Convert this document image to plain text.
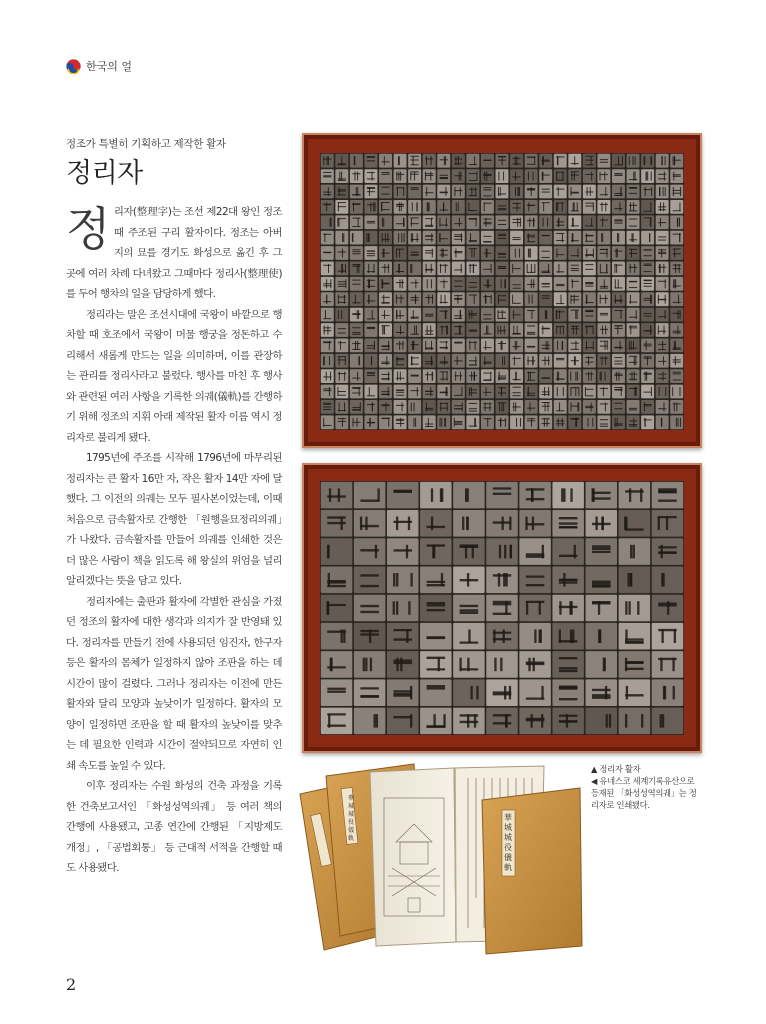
한국의 얼
정조가 특별히 기획하고 제작한 활자
정리자

정리자(整理字)는 조선 제22대 왕인 정조 때 주조된 구리 활자이다. 정조는 아버지의 묘를 경기도 화성으로 옮긴 후 그곳에 여러 차례 다녀왔고 그때마다 정리사(整理使)를 두어 행차의 일을 담당하게 했다.

정리라는 말은 조선시대에 국왕이 바깥으로 행차할 때 호조에서 국왕이 머물 행궁을 정돈하고 수리해서 새롭게 만드는 일을 의미하며, 이를 관장하는 관리를 정리사라고 불렀다. 행사를 마친 후 행사와 관련된 여러 사항을 기록한 의궤(儀軌)를 간행하기 위해 정조의 지휘 아래 제작된 활자 이름 역시 정리자로 불리게 됐다.

1795년에 주조를 시작해 1796년에 마무리된 정리자는 큰 활자 16만 자, 작은 활자 14만 자에 달했다. 그 이전의 의궤는 모두 필사본이었는데, 이때 처음으로 금속활자로 간행한 「원행을묘정리의궤」가 나왔다. 금속활자를 만들어 의궤를 인쇄한 것은 더 많은 사람이 책을 읽도록 해 왕실의 위엄을 널리 알리겠다는 뜻을 담고 있다.

정리자에는 출판과 활자에 각별한 관심을 가졌던 정조의 활자에 대한 생각과 의지가 잘 반영돼 있다. 정리자를 만들기 전에 사용되던 임진자, 한구자 등은 활자의 몸체가 일정하지 않아 조판을 하는 데 시간이 많이 걸렸다. 그러나 정리자는 이전에 만든 활자와 달리 모양과 높낮이가 일정하다. 활자의 모양이 일정하면 조판을 할 때 활자의 높낮이를 맞추는 데 필요한 인력과 시간이 절약되므로 자연히 인쇄 속도를 높일 수 있다.

이후 정리자는 수원 화성의 건축 과정을 기록한 건축보고서인 「화성성역의궤」 등 여러 책의 간행에 사용됐고, 고종 연간에 간행된 「지방제도개정」, 「공법회통」 등 근대적 서적을 간행할 때도 사용됐다.

華
城
城
役
儀
軌
華
城
城
役
儀
軌

▲ 정리자 활자

◀ 유네스코 세계기록유산으로 등재된 「화성성역의궤」는 정리자로 인쇄됐다.

2
